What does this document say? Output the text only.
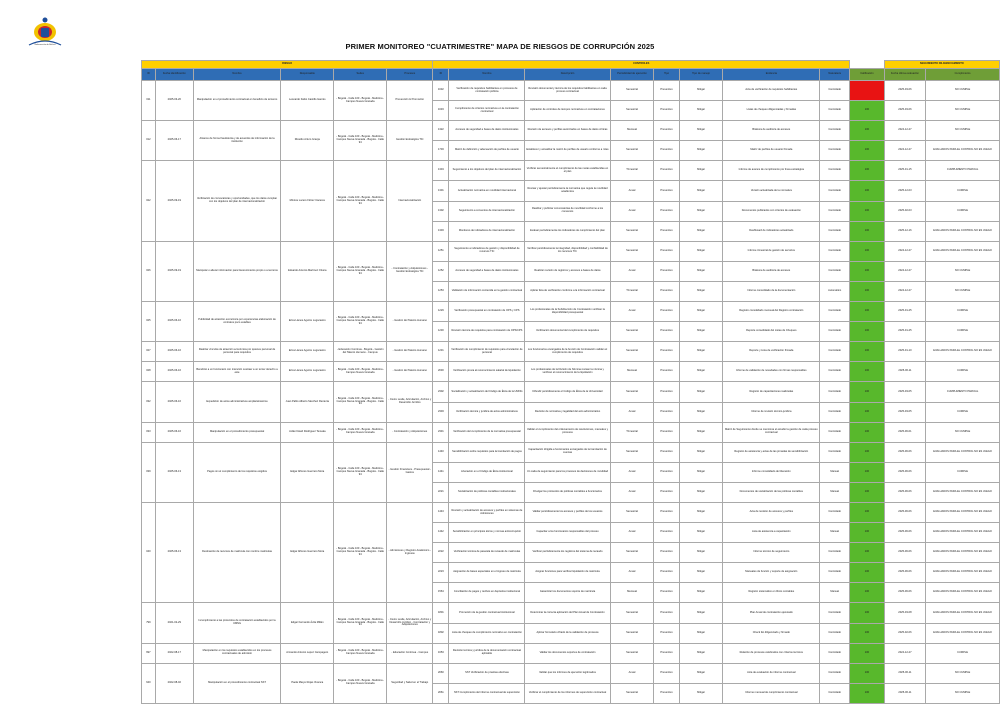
Gobernación de Bolívar	PRIMER MONITOREO "CUATRIMESTRE" MAPA DE RIESGOS DE CORRUPCIÓN 2025
RIESGO						CONTROLES									SEGUIMIENTO DILIGENCIAMIENTO	
ID	Fecha identificación	Nombre	Responsable	Sedes	Procesos	ID	Nombre	Descripción	Periodicidad de ejecución	Tipo	Tipo de manejo	Evidencia	Naturaleza	Calificación	Fecha última evaluación	Cumplimiento
011	2025-03-20	Manipulación en el procedimiento contractual en beneficio de terceros	Leonardo Fabio Castillo Garcés	- Bogotá - Calle 100 - Bogotá - Medicina - Campus Nueva Granada	Prevención & Promoción	1632	Verificación de requisitos habilitantes en procesos de contratación pública	Revisión documental y técnica de los requisitos habilitantes en cada proceso contractual	Semestral	Preventivo	Mitigar	Acta de verificación de requisitos habilitantes	Controlado		2025-03-06	NO CUMPLE
						1633	Cumplimiento de criterios normativos en la contratación contractual	Aplicación de controles de tiempos normativos en contrataciones	Semestral	Preventivo	Mitigar	Listas de chequeo diligenciadas y firmadas	Controlado	100	2025-03-06	NO CUMPLE
012	2025-06-17	Alcance de forma fraudulenta y de acuerdos de información de la institución	Ricardo Arturo Granja	- Bogotá - Calle 100 - Bogotá - Medicina - Campus Nueva Granada - Bogotá - Calle 94	Gestión Estratégica TIC	1322	Accesos de seguridad a bases de datos institucionales	Revisión de accesos y perfiles autorizados en bases de datos críticas	Mensual	Preventivo	Mitigar	Bitácora de auditoría de accesos	Controlado	100	2024-12-27	NO CUMPLE
						1703	Matriz de definición y adecuación de perfiles de usuario	Establecer y actualizar la matriz de perfiles de usuario conforme a roles	Semestral	Preventivo	Mitigar	Matriz de perfiles de usuario firmada	Controlado	100	2024-12-27	EVALUADOS PARA EL CONTROL NO ES JUEGO
022	2025-09-19	Verificación de convocatorias y oportunidades, que los datos cumplan con los objetivos del plan de internacionalización	Mónica Lucero Flórez Cáceres	- Bogotá - Calle 100 - Bogotá - Medicina - Campus Nueva Granada - Bogotá - Calle 94	Internacionalización	1304	Seguimiento a los objetivos del plan de internacionalización	Verificar semestralmente el cumplimiento de las metas establecidas en el plan	Trimestral	Preventivo	Mitigar	Informe de avance de cumplimiento por línea estratégica	Controlado	100	2025-01-15	CUMPLIMIENTO PARCIAL
						1301	Actualización normativa en movilidad internacional	Revisar y ajustar periódicamente la normativa que regula la movilidad académica	Anual	Preventivo	Mitigar	Versión actualizada de la normativa	Controlado	100	2025-12-03	CUMPLE
						1302	Seguimiento a convenios de internacionalización	Realizar y publicar convocatorias de movilidad conforme a los convenios	Anual	Preventivo	Mitigar	Documentos publicados con criterios de evaluación	Controlado	100	2025-02-03	CUMPLE
						1303	Monitoreo de indicadores de internacionalización	Evaluar periódicamente los indicadores de cumplimiento del plan	Semestral	Preventivo	Mitigar	Dashboard de indicadores actualizado	Controlado	100	2025-12-16	EVALUADOS PARA EL CONTROL NO ES JUEGO
026	2025-09-19	Manipular o alterar información para favorecimiento propio o a terceros	Eduardo Antonio Martínez Olvera	- Bogotá - Calle 100 - Bogotá - Medicina - Campus Nueva Granada - Bogotá - Calle 94	- Contratación y Adquisiciones - Gestión Estratégica TIC	1251	Seguimiento a indicadores de gestión y disponibilidad de recursos TIC	Verificar periódicamente la integridad, disponibilidad y confiabilidad de los recursos TIC	Semestral	Preventivo	Mitigar	Informe trimestral de gestión de servicios	Controlado	100	2024-12-27	EVALUADOS PARA EL CONTROL NO ES JUEGO
						1252	Accesos de seguridad a bases de datos institucionales	Realizar revisión de registros y accesos a bases de datos	Anual	Preventivo	Mitigar	Bitácora de auditoría de accesos	Controlado	100	2024-12-27	NO CUMPLE
						1253	Validación de información contenida en la gestión contractual	Aplicar lista de verificación conforme a la información contractual	Trimestral	Preventivo	Mitigar	Informe consolidado de la documentación	Automático	100	2024-12-27	NO CUMPLE
025	2025-06-16	Publicidad de atracción económica por experiencias elaboración de contratos poco estables	Erica Llanos Aguirre Lugocastro	- Bogotá - Calle 100 - Bogotá - Medicina - Campus Nueva Granada - Bogotá - Calle 94	- Gestión del Talento Humano	1229	Verificación presupuestal en contratación de OPS y CPS	Los profesionales de la Subdirección de Contratación verifican la disponibilidad presupuestal	Anual	Preventivo	Mitigar	Registro consolidado mensual del Registro contratación	Controlado	100	2025-01-25	CUMPLE
						1230	Revisión técnica de requisitos para contratación de OPS/CPS	Verificación documental del cumplimiento de requisitos	Semestral	Preventivo	Mitigar	Reporte consolidado del Listas de Chequeo	Controlado	100	2025-01-25	CUMPLE
027	2025-06-16	Realizar vínculos de atracción económica por quienes personal de personal para requisitos	Erica Llanos Aguirre Lugocastro	- Educación Continua - Bogotá - Gestión del Talento Humano - Campus	- Gestión del Talento Humano	1231	Verificación de cumplimiento de requisitos para vinculación de personal	Los funcionarios encargados de la función de Contratación validan el cumplimiento de requisitos	Semestral	Preventivo	Mitigar	Reporte y Lista de verificación firmada	Controlado	100	2025-01-10	EVALUADOS PARA EL CONTROL NO ES JUEGO
028	2025-06-16	Beneficio a un funcionario con intención sustraer a un tercer derecho a este	Erica Llanos Aguirre Lugocastro	- Bogotá - Calle 100 - Bogotá - Medicina - Campus Nueva Granada	- Gestión del Talento Humano	2030	Verificación previa al reconocimiento salarial de liquidación	Los profesionales de la División de Nómina revisan la nómina y verifican el reconocimiento de la liquidación	Mensual	Preventivo	Mitigar	Informe de validación de novedades con firmas responsables	Controlado	100	2025-06-11	CUMPLE
032	2025-06-16	Expedición de actos administrativos amplia/siniestros	Juan Pablo Alberto Sánchez Rentería	- Bogotá - Calle 100 - Bogotá - Medicina - Campus Nueva Granada - Bogotá - Calle 94	- Cierre Leslie, Articulación, Archivo y Desarrollo Jurídico	2302	Socialización y actualización del Código de Ética de la UMNG	Difundir periódicamente el Código de Ética de la Universidad	Semestral	Preventivo	Mitigar	Registro de capacitaciones realizadas	Controlado	100	2025-03-05	CUMPLIMIENTO PARCIAL
						2303	Verificación técnica y jurídica de actos administrativos	Revisión de normativa y legalidad del acto administrativo	Anual	Preventivo	Mitigar	Informe de revisión técnico-jurídica	Controlado	100	2025-03-05	CUMPLE
033	2025-06-16	Manipulación en el procedimiento presupuestal	Julián David Rodríguez Tenuala	- Bogotá - Calle 100 - Bogotá - Medicina - Campus Nueva Granada	- Contratación y Adquisiciones	2331	Verificación del cumplimiento de la normativa presupuestal	Validar el cumplimiento del ordenamiento de resoluciones, manuales y procesos	Trimestral	Preventivo	Mitigar	Matriz de Seguimiento donde se menciona el estudio la gestión de cada proceso contractual	Controlado	100	2025-06-01	NO CUMPLE
039	2025-06-13	Pagos sin el cumplimiento de los requisitos exigidos	Edgar Alfonso Guerrero Mora	- Bogotá - Calle 100 - Bogotá - Medicina - Campus Nueva Granada - Bogotá - Calle 94	- Gestión Financiera - Presupuestal - Gastos	1440	Sensibilización sobre requisitos para la tramitación de pagos	Capacitación dirigida a funcionarios encargados de la tramitación de cuentas	Semestral	Preventivo	Mitigar	Registro de asistencia y actas de las jornadas de sensibilización	Controlado	100	2025-06-06	EVALUADOS PARA EL CONTROL NO ES JUEGO
						1441	Liberación en el Código de Ética institucional	Un cada de seguimiento para los procesos de decisiones de movilidad	Anual	Preventivo	Mitigar	Informe consolidado de liberación	Manual	100	2025-06-06	CUMPLE
						2221	Socialización de políticas contables institucionales	Divulgar los protocolos de políticas contables a funcionarios	Anual	Preventivo	Mitigar	Documentos de socialización de las políticas contables	Manual	100	2025-06-06	EVALUADOS PARA EL CONTROL NO ES JUEGO
040	2025-06-13	Destinación de recursos de matrícula con nombre matriculas	Edgar Alfonso Guerrero Mora	- Bogotá - Calle 100 - Bogotá - Medicina - Campus Nueva Granada - Bogotá - Calle 94	- Admisiones y Registro Académico - Ingresos	1443	Revisión y actualización de accesos y perfiles en sistemas de Admisiones	Validar periódicamente los accesos y perfiles de los usuarios	Semestral	Preventivo	Mitigar	Acta de revisión de accesos y perfiles	Controlado	100	2025-06-06	EVALUADOS PARA EL CONTROL NO ES JUEGO
						1442	Sensibilización en principios éticos y normas anticorrupción	Capacitar a los funcionarios responsables del proceso	Anual	Preventivo	Mitigar	Lista de asistencia a capacitación	Manual	100	2025-06-06	EVALUADOS PARA EL CONTROL NO ES JUEGO
						2222	Verificación técnica de pasarela de recaudo de matrículas	Verificar periódicamente los registros del sistema de recaudo	Semestral	Preventivo	Mitigar	Informe técnico de seguimiento	Controlado	100	2025-06-06	EVALUADOS PARA EL CONTROL NO ES JUEGO
						2223	Asignación de bases especiales en el ingreso de matrícula	Asignar funciones para verificar liquidación de matrícula	Anual	Preventivo	Mitigar	Manuales de función y soporte de asignación	Controlado	100	2025-06-06	EVALUADOS PARA EL CONTROL NO ES JUEGO
						1564	Conciliación de pagos y recibos en depósitos institucional	Garantizar los documentos soporte de matrícula	Mensual	Preventivo	Mitigar	Registro sistemático en libros contables	Manual	100	2025-06-06	EVALUADOS PARA EL CONTROL NO ES JUEGO
799	2021-02-29	Incumplimiento a las protocolos de contratación establecidos por la UMNG	Edgar Fernando Ávila Millán	- Bogotá - Calle 100 - Bogotá - Medicina - Campus Nueva Granada - Bogotá - Calle 94	- Cierre Leslie, Articulación, Archivo y Desarrollo Jurídico - Contratación y Adquisiciones	1801	Promoción de la gestión contractual institucional	Determinar la correcta aplicación del Plan Anual de Contratación	Semestral	Preventivo	Mitigar	Plan Anual de contratación ejecutado	Controlado	100	2025-03-08	EVALUADOS PARA EL CONTROL NO ES JUEGO
						1802	Lista de chequeo de cumplimiento normativo en contratación	Aplicar formulario cifrado de la validación de procesos	Semestral	Preventivo	Mitigar	Check list diligenciado y firmado	Controlado	100	2025-02-06	EVALUADOS PARA EL CONTROL NO ES JUEGO
697	2022-08-17	Manipulación en los requisitos establecidos en los procesos contractuales de admisión	Armando Antonio Lepez Campagero	- Bogotá - Calle 100 - Bogotá - Medicina - Campus Nueva Granada	- Educación Continua - Campus	1653	Revisión técnica y jurídica de la documentación contractual aplicable	Validar los documentos soportes de contratación	Semestral	Preventivo	Mitigar	Relación de procesos celebrados con criterios técnicos	Controlado	100	2024-12-27	CUMPLE
640	2022-08-02	Manipulación en el procedimiento contractual SST	Paola Marye Rojas Vivanca	- Bogotá - Calle 100 - Bogotá - Medicina - Campus Nueva Granada	Seguridad y Salud en el Trabajo	2060	SST Verificación de pruebas efectivas	Validar que los informes de ejecución legitimados	Anual	Preventivo	Mitigar	Acta de evaluación de informe contractual	Controlado	100	2025-06-11	NO CUMPLE
						2061	SST Cumplimiento del informe contractual de supervisión	Verificar el cumplimiento de los informes de supervisión contractual	Semestral	Preventivo	Mitigar	Informe mensual de cumplimiento contractual	Controlado	100	2025-06-11	NO CUMPLE
